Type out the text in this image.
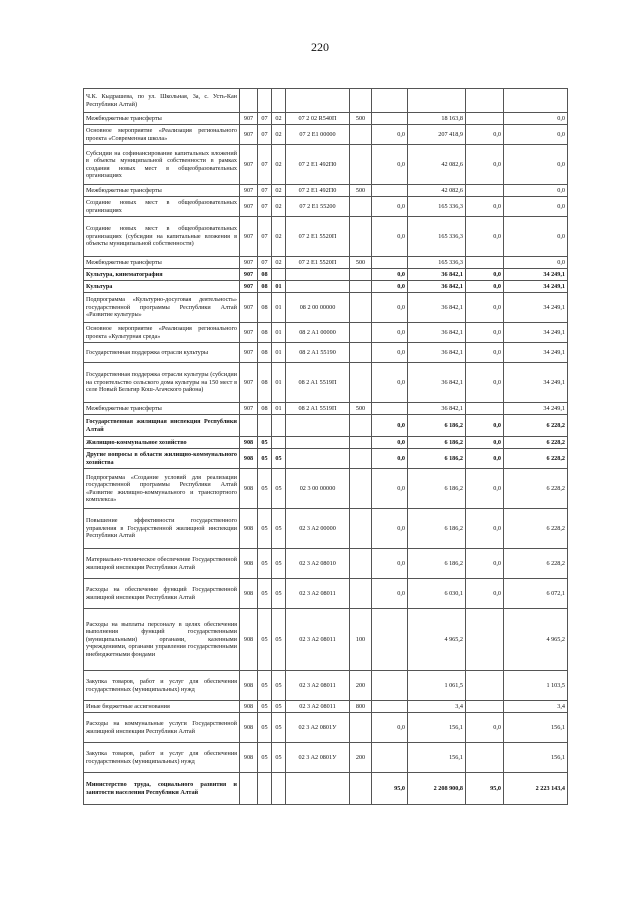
220
Ч.К. Кыдрашева, по ул. Школьная, 3а, с. Усть-Кан Республики Алтай)									
Межбюджетные трансферты	907	07	02	07 2 02 R540П	500		18 163,8		0,0
Основное мероприятие «Реализация регионального проекта «Современная школа»	907	07	02	07 2 E1 00000		0,0	207 418,9	0,0	0,0
Субсидии на софинансирование капитальных вложений в объекты муниципальной собственности в рамках создания новых мест в общеобразовательных организациях	907	07	02	07 2 E1 492П0		0,0	42 082,6	0,0	0,0
Межбюджетные трансферты	907	07	02	07 2 E1 492П0	500		42 082,6		0,0
Создание новых мест в общеобразовательных организациях	907	07	02	07 2 E1 55200		0,0	165 336,3	0,0	0,0
Создание новых мест в общеобразовательных организациях (субсидии на капитальные вложения в объекты муниципальной собственности)	907	07	02	07 2 E1 5520П		0,0	165 336,3	0,0	0,0
Межбюджетные трансферты	907	07	02	07 2 E1 5520П	500		165 336,3		0,0
Культура, кинематография	907	08				0,0	36 842,1	0,0	34 249,1
Культура	907	08	01			0,0	36 842,1	0,0	34 249,1
Подпрограмма «Культурно-досуговая деятельность» государственной программы Республики Алтай «Развитие культуры»	907	08	01	08 2 00 00000		0,0	36 842,1	0,0	34 249,1
Основное мероприятие «Реализация регионального проекта «Культурная среда»	907	08	01	08 2 A1 00000		0,0	36 842,1	0,0	34 249,1
Государственная поддержка отрасли культуры	907	08	01	08 2 A1 55190		0,0	36 842,1	0,0	34 249,1
Государственная поддержка отрасли культуры (субсидии на строительство сельского дома культуры на 150 мест в селе Новый Бельтир Кош-Агачского района)	907	08	01	08 2 A1 5519П		0,0	36 842,1	0,0	34 249,1
Межбюджетные трансферты	907	08	01	08 2 A1 5519П	500		36 842,1		34 249,1
Государственная жилищная инспекция Республики Алтай						0,0	6 186,2	0,0	6 228,2
Жилищно-коммунальное хозяйство	908	05				0,0	6 186,2	0,0	6 228,2
Другие вопросы в области жилищно-коммунального хозяйства	908	05	05			0,0	6 186,2	0,0	6 228,2
Подпрограмма «Создание условий для реализации государственной программы Республики Алтай «Развитие жилищно-коммунального и транспортного комплекса»	908	05	05	02 3 00 00000		0,0	6 186,2	0,0	6 228,2
Повышение эффективности государственного управления в Государственной жилищной инспекции Республики Алтай	908	05	05	02 3 A2 00000		0,0	6 186,2	0,0	6 228,2
Материально-техническое обеспечение Государственной жилищной инспекции Республики Алтай	908	05	05	02 3 A2 08010		0,0	6 186,2	0,0	6 228,2
Расходы на обеспечение функций Государственной жилищной инспекции Республики Алтай	908	05	05	02 3 A2 08011		0,0	6 030,1	0,0	6 072,1
Расходы на выплаты персоналу в целях обеспечения выполнения функций государственными (муниципальными) органами, казенными учреждениями, органами управления государственными внебюджетными фондами	908	05	05	02 3 A2 08011	100		4 965,2		4 965,2
Закупка товаров, работ и услуг для обеспечения государственных (муниципальных) нужд	908	05	05	02 3 A2 08011	200		1 061,5		1 103,5
Иные бюджетные ассигнования	908	05	05	02 3 A2 08011	800		3,4		3,4
Расходы на коммунальные услуги Государственной жилищной инспекции Республики Алтай	908	05	05	02 3 A2 0801У		0,0	156,1	0,0	156,1
Закупка товаров, работ и услуг для обеспечения государственных (муниципальных) нужд	908	05	05	02 3 A2 0801У	200		156,1		156,1
Министерство труда, социального развития и занятости населения Республики Алтай						95,0	2 208 900,8	95,0	2 223 143,4
